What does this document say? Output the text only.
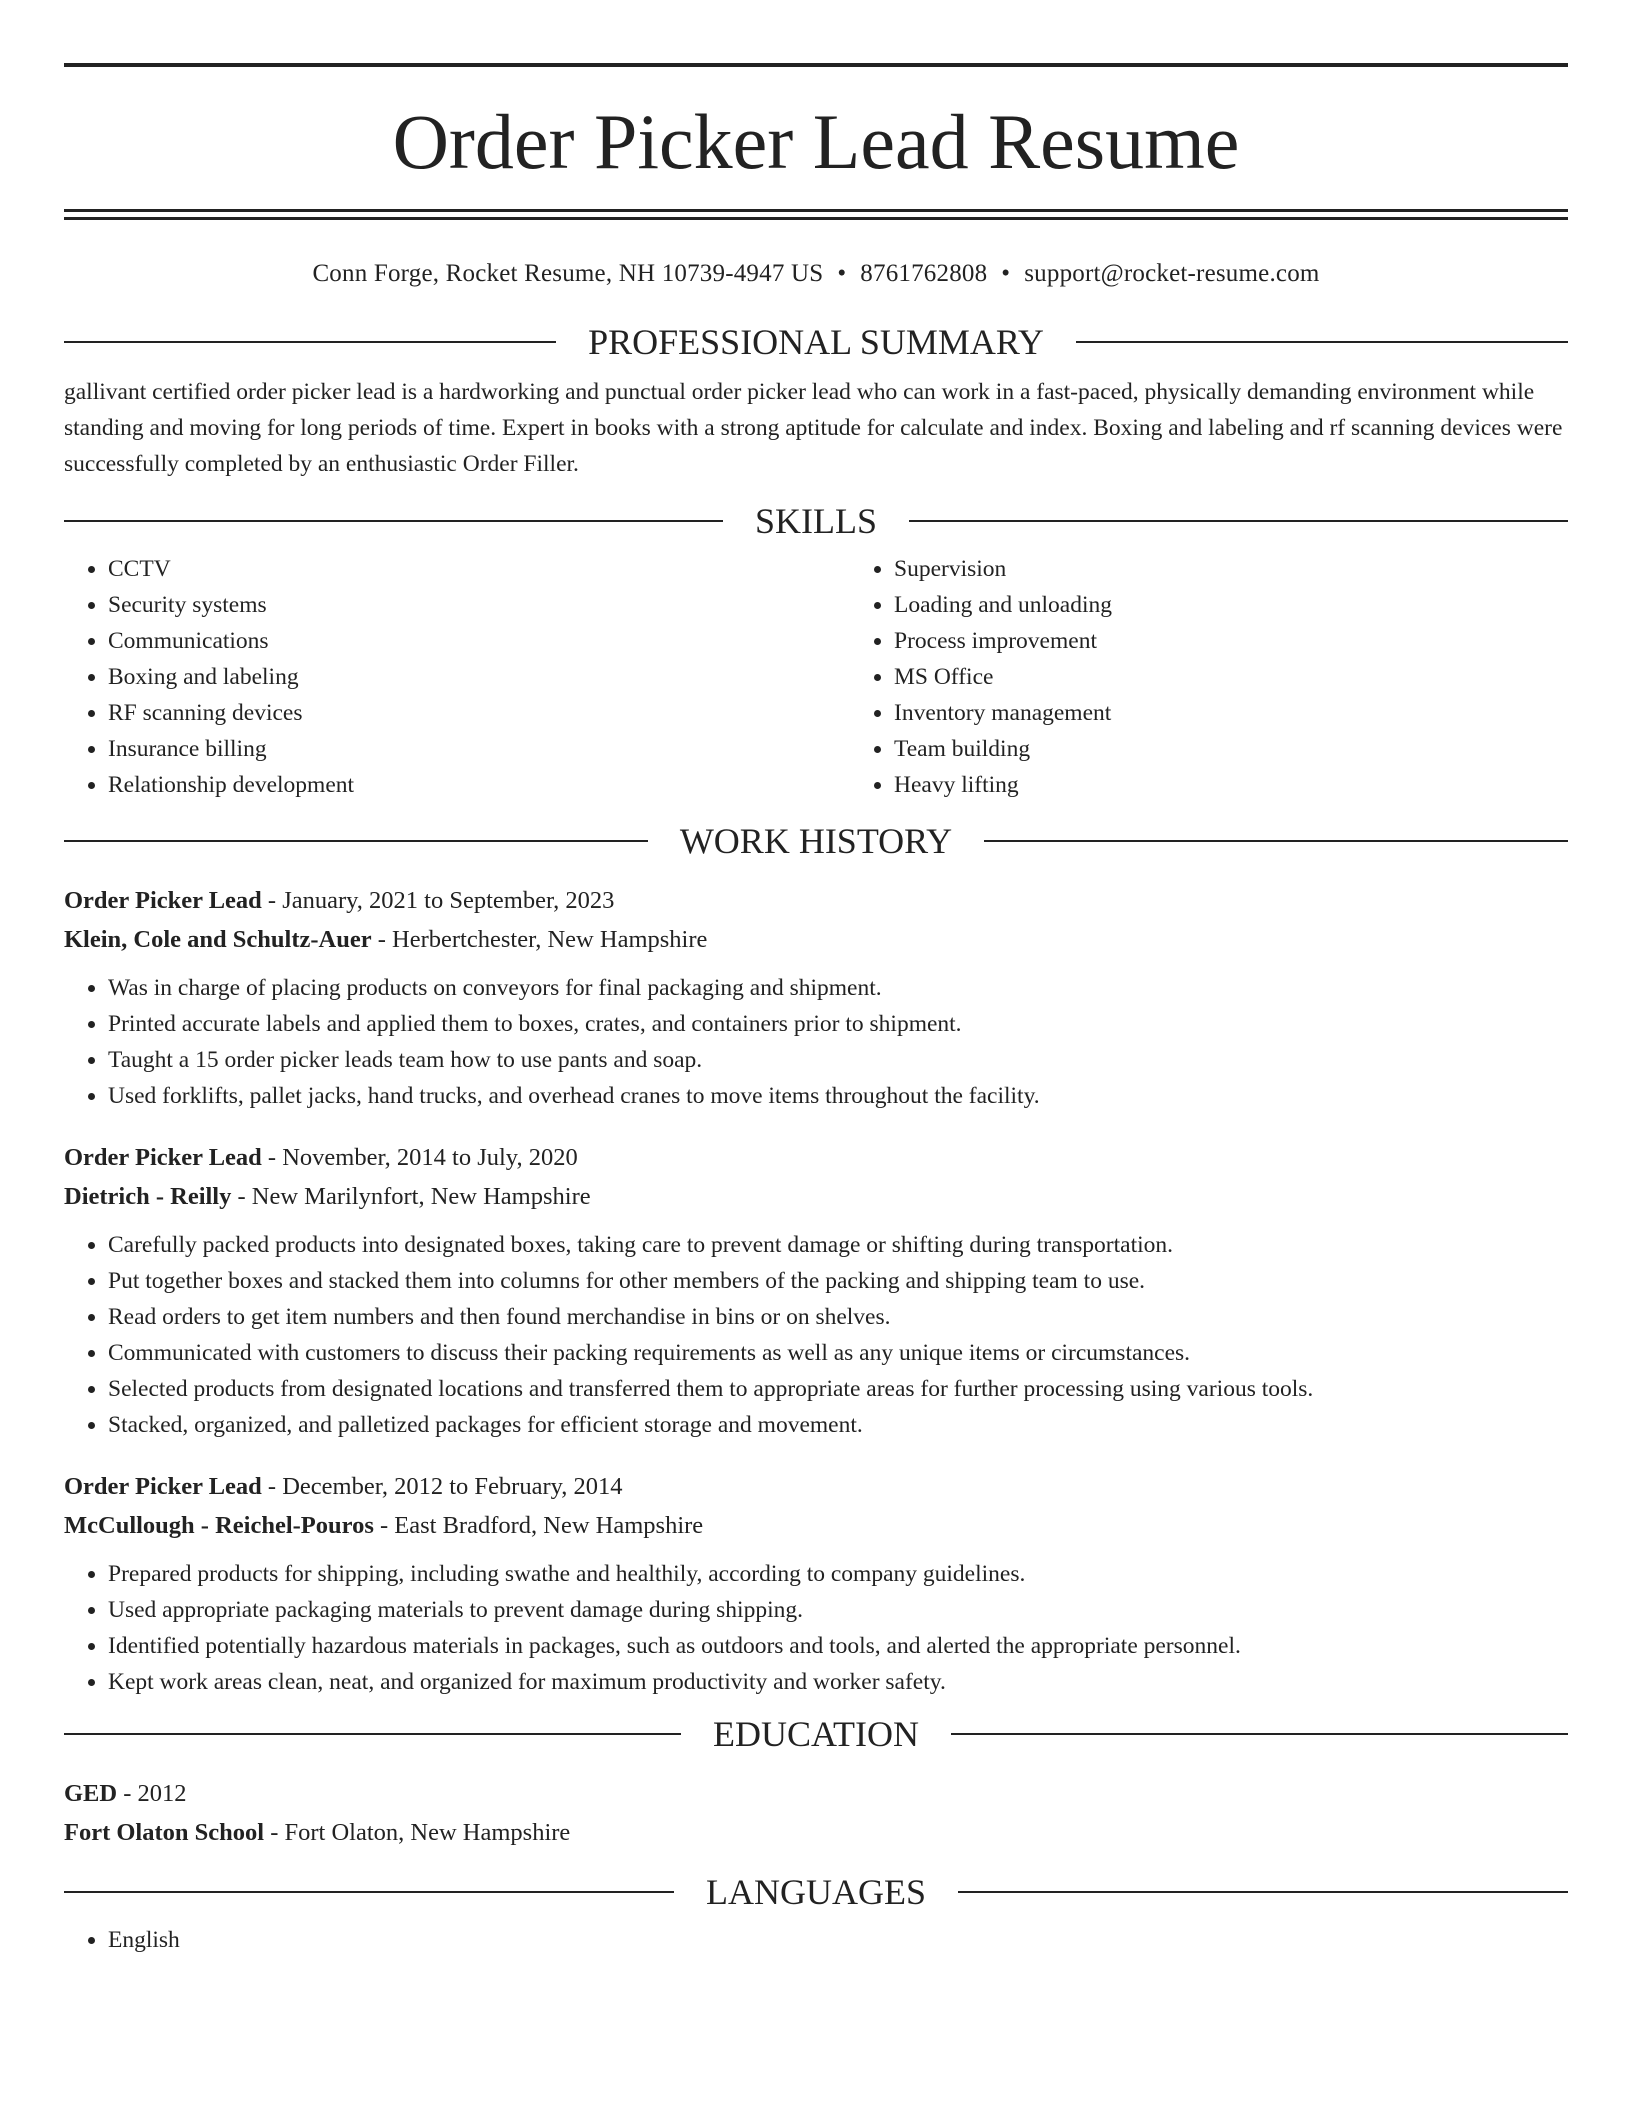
Order Picker Lead Resume
Conn Forge, Rocket Resume, NH 10739-4947 US • 8761762808 • support@rocket-resume.com
PROFESSIONAL SUMMARY

gallivant certified order picker lead is a hardworking and punctual order picker lead who can work in a fast-paced, physically demanding environment while standing and moving for long periods of time. Expert in books with a strong aptitude for calculate and index. Boxing and labeling and rf scanning devices were successfully completed by an enthusiastic Order Filler.

SKILLS
• CCTV
• Security systems
• Communications
• Boxing and labeling
• RF scanning devices
• Insurance billing
• Relationship development
• Supervision
• Loading and unloading
• Process improvement
• MS Office
• Inventory management
• Team building
• Heavy lifting
WORK HISTORY
Order Picker Lead - January, 2021 to September, 2023
Klein, Cole and Schultz-Auer - Herbertchester, New Hampshire
• Was in charge of placing products on conveyors for final packaging and shipment.
• Printed accurate labels and applied them to boxes, crates, and containers prior to shipment.
• Taught a 15 order picker leads team how to use pants and soap.
• Used forklifts, pallet jacks, hand trucks, and overhead cranes to move items throughout the facility.
Order Picker Lead - November, 2014 to July, 2020
Dietrich - Reilly - New Marilynfort, New Hampshire
• Carefully packed products into designated boxes, taking care to prevent damage or shifting during transportation.
• Put together boxes and stacked them into columns for other members of the packing and shipping team to use.
• Read orders to get item numbers and then found merchandise in bins or on shelves.
• Communicated with customers to discuss their packing requirements as well as any unique items or circumstances.
• Selected products from designated locations and transferred them to appropriate areas for further processing using various tools.
• Stacked, organized, and palletized packages for efficient storage and movement.
Order Picker Lead - December, 2012 to February, 2014
McCullough - Reichel-Pouros - East Bradford, New Hampshire
• Prepared products for shipping, including swathe and healthily, according to company guidelines.
• Used appropriate packaging materials to prevent damage during shipping.
• Identified potentially hazardous materials in packages, such as outdoors and tools, and alerted the appropriate personnel.
• Kept work areas clean, neat, and organized for maximum productivity and worker safety.
EDUCATION
GED - 2012
Fort Olaton School - Fort Olaton, New Hampshire
LANGUAGES
• English
